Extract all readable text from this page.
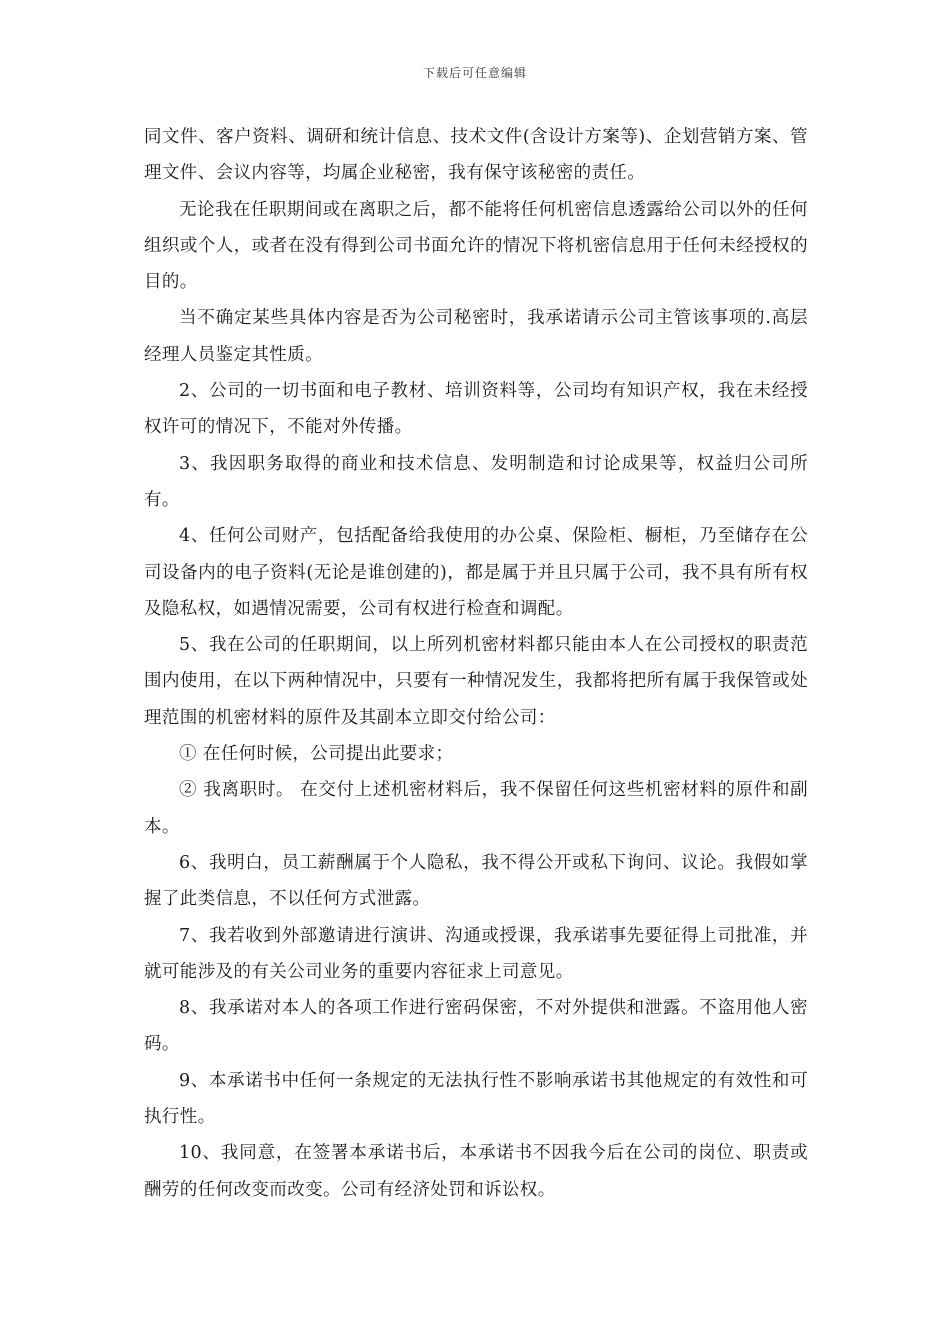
下载后可任意编辑

同文件、客户资料、调研和统计信息、技术文件(含设计方案等)、企划营销方案、管理文件、会议内容等，均属企业秘密，我有保守该秘密的责任。

无论我在任职期间或在离职之后，都不能将任何机密信息透露给公司以外的任何组织或个人，或者在没有得到公司书面允许的情况下将机密信息用于任何未经授权的目的。

当不确定某些具体内容是否为公司秘密时，我承诺请示公司主管该事项的.高层经理人员鉴定其性质。

2、公司的一切书面和电子教材、培训资料等，公司均有知识产权，我在未经授权许可的情况下，不能对外传播。

3、我因职务取得的商业和技术信息、发明制造和讨论成果等，权益归公司所有。

4、任何公司财产，包括配备给我使用的办公桌、保险柜、橱柜，乃至储存在公司设备内的电子资料(无论是谁创建的)，都是属于并且只属于公司，我不具有所有权及隐私权，如遇情况需要，公司有权进行检查和调配。

5、我在公司的任职期间，以上所列机密材料都只能由本人在公司授权的职责范围内使用，在以下两种情况中，只要有一种情况发生，我都将把所有属于我保管或处理范围的机密材料的原件及其副本立即交付给公司：

① 在任何时候，公司提出此要求；

② 我离职时。 在交付上述机密材料后，我不保留任何这些机密材料的原件和副本。

6、我明白，员工薪酬属于个人隐私，我不得公开或私下询问、议论。我假如掌握了此类信息，不以任何方式泄露。

7、我若收到外部邀请进行演讲、沟通或授课，我承诺事先要征得上司批准，并就可能涉及的有关公司业务的重要内容征求上司意见。

8、我承诺对本人的各项工作进行密码保密，不对外提供和泄露。不盗用他人密码。

9、本承诺书中任何一条规定的无法执行性不影响承诺书其他规定的有效性和可执行性。

10、我同意，在签署本承诺书后，本承诺书不因我今后在公司的岗位、职责或酬劳的任何改变而改变。公司有经济处罚和诉讼权。
